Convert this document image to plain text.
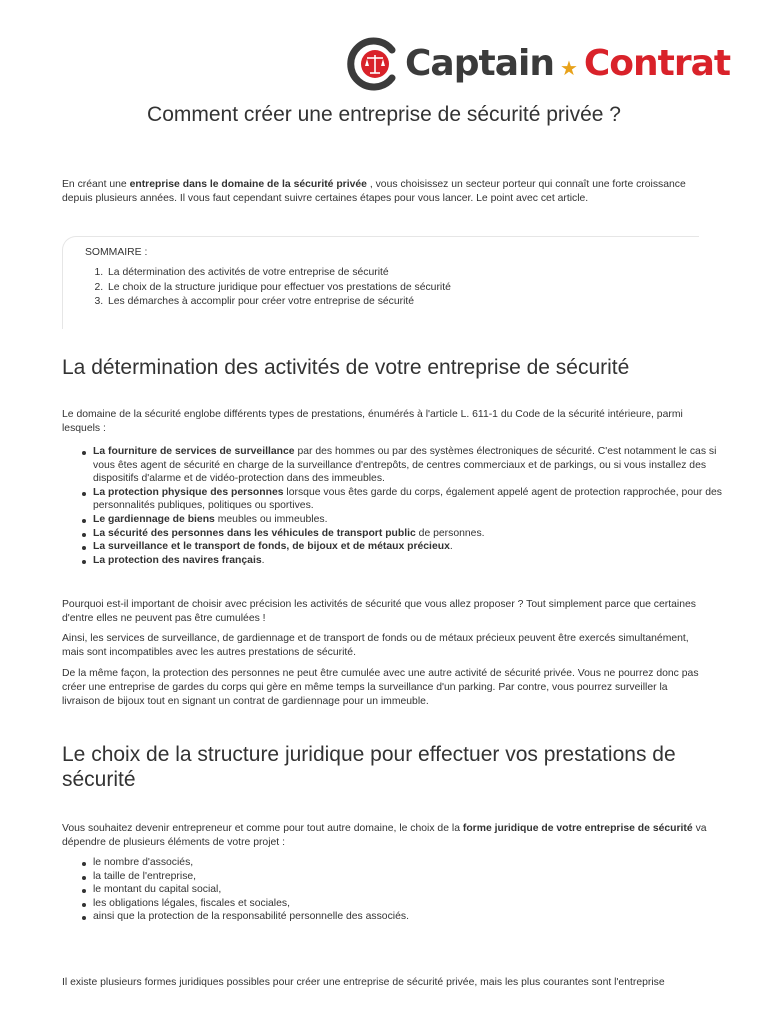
Captain ★ Contrat
Comment créer une entreprise de sécurité privée ?

En créant une entreprise dans le domaine de la sécurité privée , vous choisissez un secteur porteur qui connaît une forte croissance depuis plusieurs années. Il vous faut cependant suivre certaines étapes pour vous lancer. Le point avec cet article.

SOMMAIRE :
1. La détermination des activités de votre entreprise de sécurité
2. Le choix de la structure juridique pour effectuer vos prestations de sécurité
3. Les démarches à accomplir pour créer votre entreprise de sécurité
La détermination des activités de votre entreprise de sécurité

Le domaine de la sécurité englobe différents types de prestations, énumérés à l'article L. 611-1 du Code de la sécurité intérieure, parmi lesquels :

La fourniture de services de surveillance par des hommes ou par des systèmes électroniques de sécurité. C'est notamment le cas si vous êtes agent de sécurité en charge de la surveillance d'entrepôts, de centres commerciaux et de parkings, ou si vous installez des dispositifs d'alarme et de vidéo-protection dans des immeubles.
La protection physique des personnes lorsque vous êtes garde du corps, également appelé agent de protection rapprochée, pour des personnalités publiques, politiques ou sportives.
Le gardiennage de biens meubles ou immeubles.
La sécurité des personnes dans les véhicules de transport public de personnes.
La surveillance et le transport de fonds, de bijoux et de métaux précieux.
La protection des navires français.

Pourquoi est-il important de choisir avec précision les activités de sécurité que vous allez proposer ? Tout simplement parce que certaines d'entre elles ne peuvent pas être cumulées !

Ainsi, les services de surveillance, de gardiennage et de transport de fonds ou de métaux précieux peuvent être exercés simultanément, mais sont incompatibles avec les autres prestations de sécurité.

De la même façon, la protection des personnes ne peut être cumulée avec une autre activité de sécurité privée. Vous ne pourrez donc pas créer une entreprise de gardes du corps qui gère en même temps la surveillance d'un parking. Par contre, vous pourrez surveiller la livraison de bijoux tout en signant un contrat de gardiennage pour un immeuble.

Le choix de la structure juridique pour effectuer vos prestations de sécurité

Vous souhaitez devenir entrepreneur et comme pour tout autre domaine, le choix de la forme juridique de votre entreprise de sécurité va dépendre de plusieurs éléments de votre projet :

le nombre d'associés,
la taille de l'entreprise,
le montant du capital social,
les obligations légales, fiscales et sociales,
ainsi que la protection de la responsabilité personnelle des associés.

Il existe plusieurs formes juridiques possibles pour créer une entreprise de sécurité privée, mais les plus courantes sont l'entreprise
